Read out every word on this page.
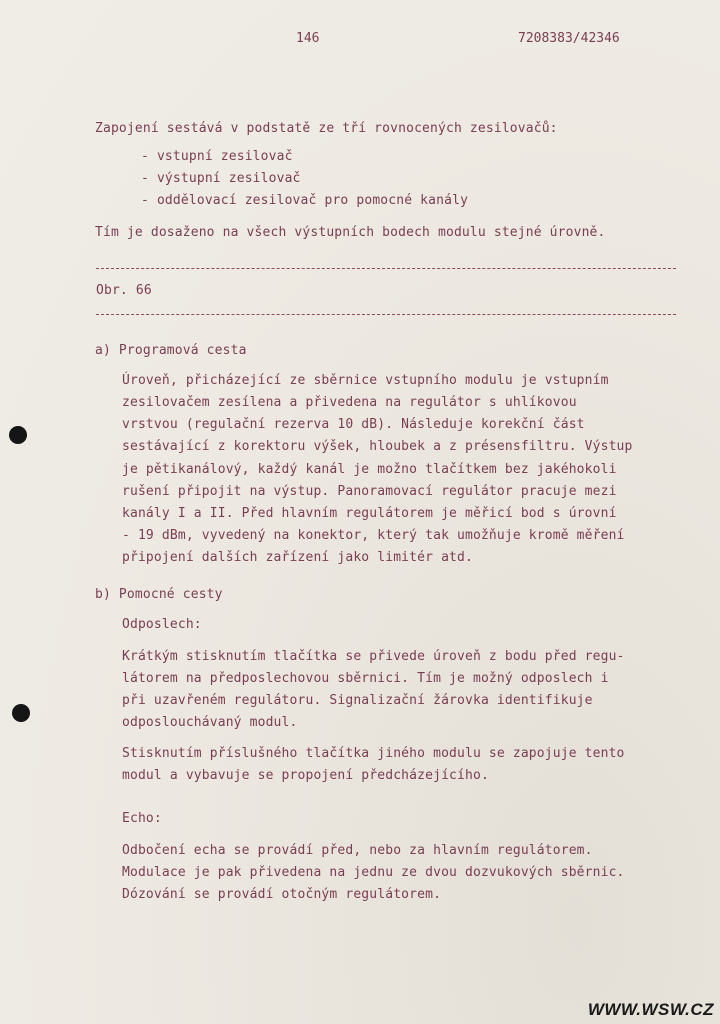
146	7208383/42346
Zapojení sestává v podstatě ze tří rovnocených zesilovačů:
- vstupní zesilovač
- výstupní zesilovač
- oddělovací zesilovač pro pomocné kanály
Tím je dosaženo na všech výstupních bodech modulu stejné úrovně.
Obr. 66
a) Programová cesta
Úroveň, přicházející ze sběrnice vstupního modulu je vstupním
zesilovačem zesílena a přivedena na regulátor s uhlíkovou
vrstvou (regulační rezerva 10 dB). Následuje korekční část
sestávající z korektoru výšek, hloubek a z présensfiltru. Výstup
je pětikanálový, každý kanál je možno tlačítkem bez jakéhokoli
rušení připojit na výstup. Panoramovací regulátor pracuje mezi
kanály I a II. Před hlavním regulátorem je měřicí bod s úrovní
- 19 dBm, vyvedený na konektor, který tak umožňuje kromě měření
připojení dalších zařízení jako limitér atd.
b) Pomocné cesty
Odposlech:
Krátkým stisknutím tlačítka se přivede úroveň z bodu před regu-
látorem na předposlechovou sběrnici. Tím je možný odposlech i
při uzavřeném regulátoru. Signalizační žárovka identifikuje
odposlouchávaný modul.
Stisknutím příslušného tlačítka jiného modulu se zapojuje tento
modul a vybavuje se propojení předcházejícího.
Echo:
Odbočení echa se provádí před, nebo za hlavním regulátorem.
Modulace je pak přivedena na jednu ze dvou dozvukových sběrnic.
Dózování se provádí otočným regulátorem.
WWW.WSW.CZ
